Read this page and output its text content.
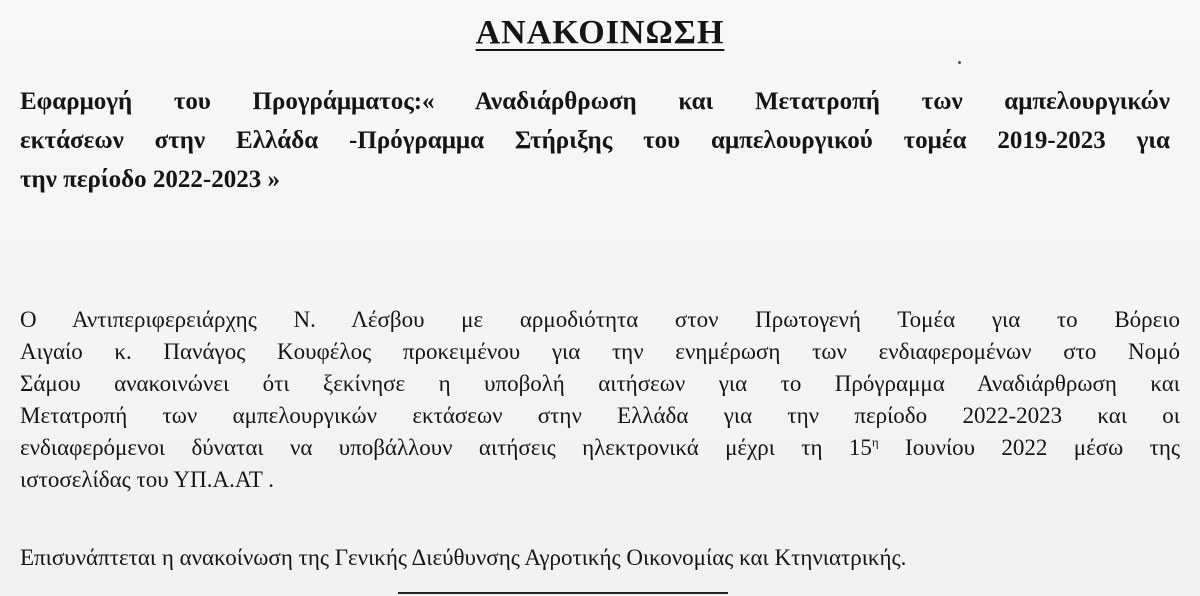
ΑΝΑΚΟΙΝΩΣΗ
Εφαρμογή του Προγράμματος:« Αναδιάρθρωση και Μετατροπή των αμπελουργικών
εκτάσεων στην Ελλάδα -Πρόγραμμα Στήριξης του αμπελουργικού τομέα 2019-2023 για
την περίοδο 2022-2023 »
Ο Αντιπεριφερειάρχης Ν. Λέσβου με αρμοδιότητα στον Πρωτογενή Τομέα για το Βόρειο
Αιγαίο κ. Πανάγος Κουφέλος προκειμένου για την ενημέρωση των ενδιαφερομένων στο Νομό
Σάμου ανακοινώνει ότι ξεκίνησε η υποβολή αιτήσεων για το Πρόγραμμα Αναδιάρθρωση και
Μετατροπή των αμπελουργικών εκτάσεων στην Ελλάδα για την περίοδο 2022-2023 και οι
ενδιαφερόμενοι δύναται να υποβάλλουν αιτήσεις ηλεκτρονικά μέχρι τη $15^\eta$ Ιουνίου 2022 μέσω της
ιστοσελίδας του ΥΠ.Α.ΑΤ .
Επισυνάπτεται η ανακοίνωση της Γενικής Διεύθυνσης Αγροτικής Οικονομίας και Κτηνιατρικής.
